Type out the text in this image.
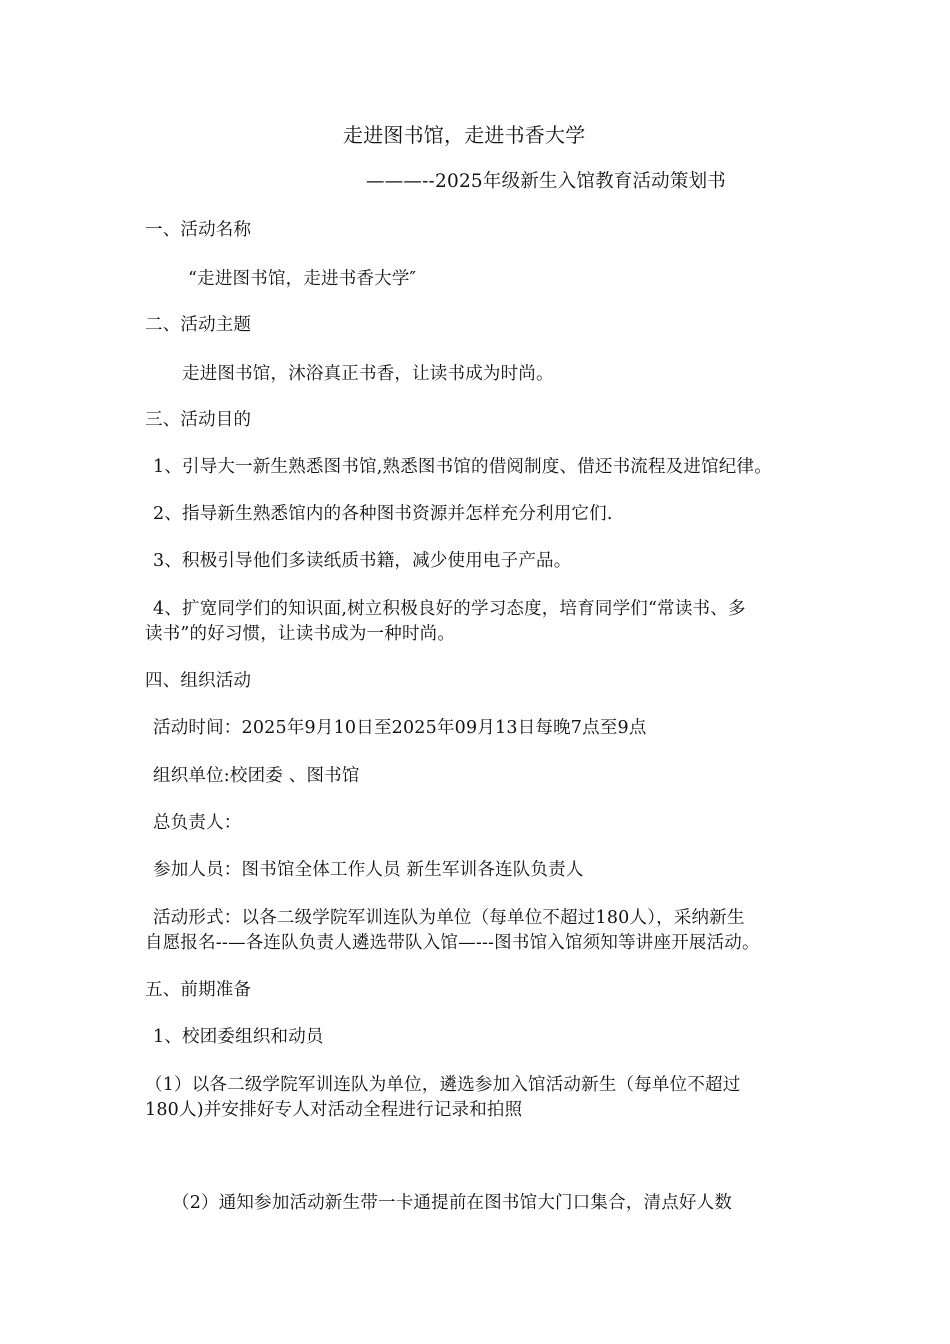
走进图书馆，走进书香大学
———--2025年级新生入馆教育活动策划书
一、活动名称
“走进图书馆，走进书香大学″
二、活动主题
走进图书馆，沐浴真正书香，让读书成为时尚。
三、活动目的
1、引导大一新生熟悉图书馆,熟悉图书馆的借阅制度、借还书流程及进馆纪律。
2、指导新生熟悉馆内的各种图书资源并怎样充分利用它们.
3、积极引导他们多读纸质书籍，减少使用电子产品。
4、扩宽同学们的知识面,树立积极良好的学习态度，培育同学们“常读书、多
读书”的好习惯，让读书成为一种时尚。
四、组织活动
活动时间：2025年9月10日至2025年09月13日每晚7点至9点
组织单位:校团委 、图书馆
总负责人：
参加人员：图书馆全体工作人员 新生军训各连队负责人
活动形式：以各二级学院军训连队为单位（每单位不超过180人），采纳新生
自愿报名--—各连队负责人遴选带队入馆—---图书馆入馆须知等讲座开展活动。
五、前期准备
1、校团委组织和动员
（1）以各二级学院军训连队为单位，遴选参加入馆活动新生（每单位不超过
180人)并安排好专人对活动全程进行记录和拍照
（2）通知参加活动新生带一卡通提前在图书馆大门口集合，清点好人数
